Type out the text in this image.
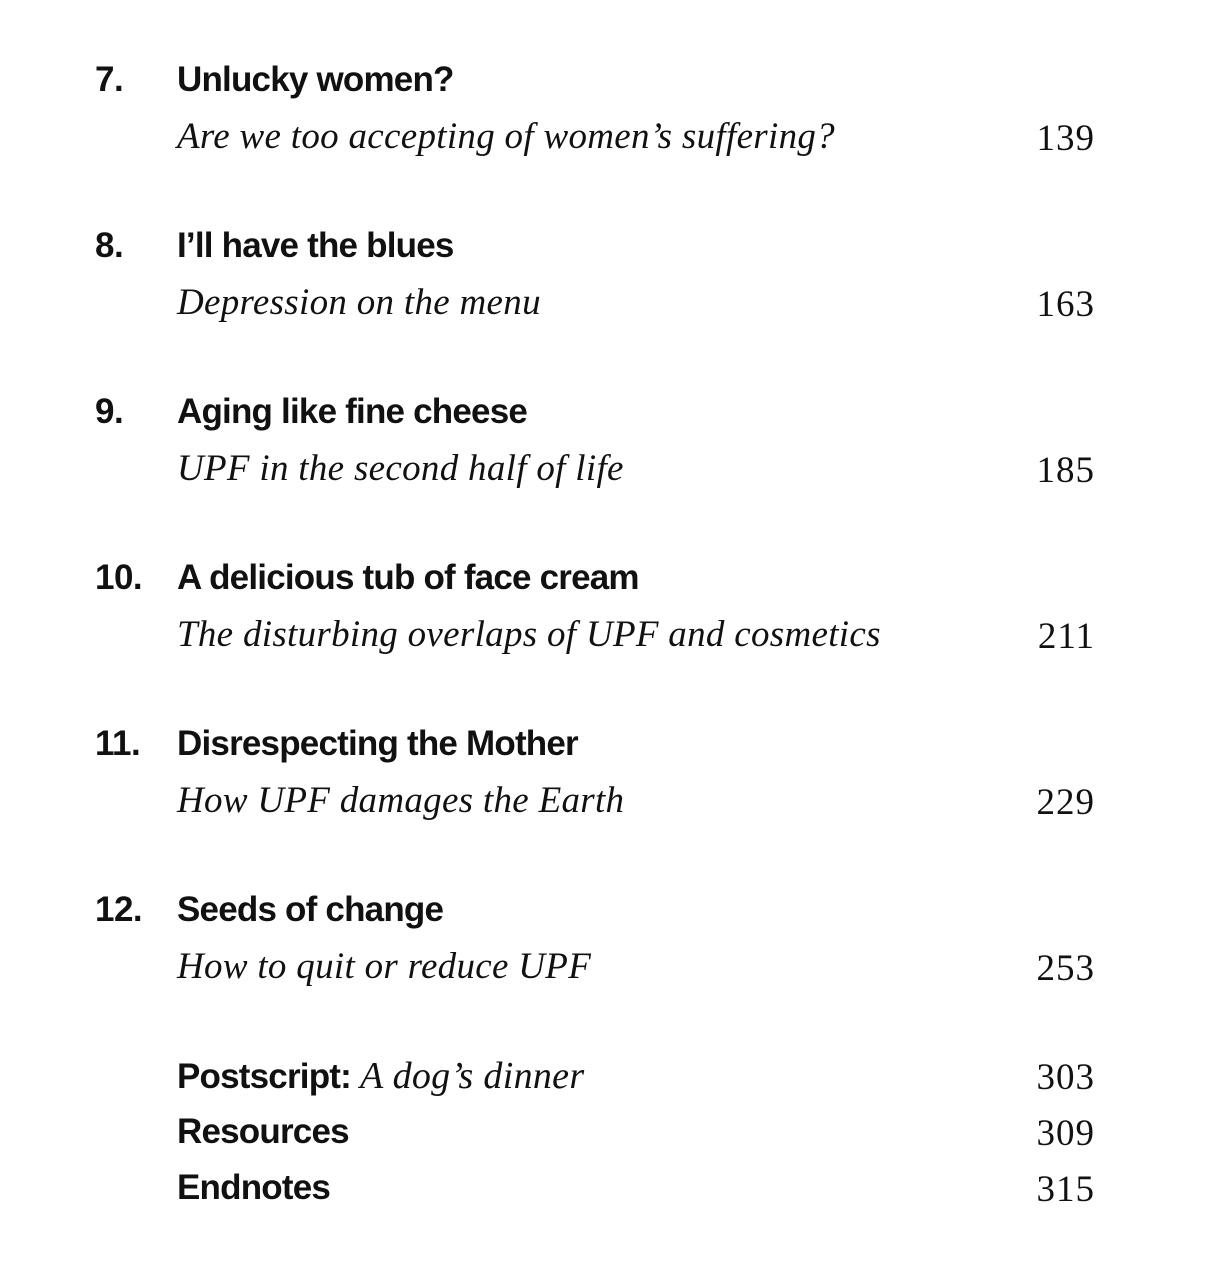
7. Unlucky women?
Are we too accepting of women’s suffering?	139
8. I’ll have the blues
Depression on the menu	163
9. Aging like fine cheese
UPF in the second half of life	185
10. A delicious tub of face cream
The disturbing overlaps of UPF and cosmetics	211
11. Disrespecting the Mother
How UPF damages the Earth	229
12. Seeds of change
How to quit or reduce UPF	253
Postscript: A dog’s dinner	303
Resources	309
Endnotes	315
